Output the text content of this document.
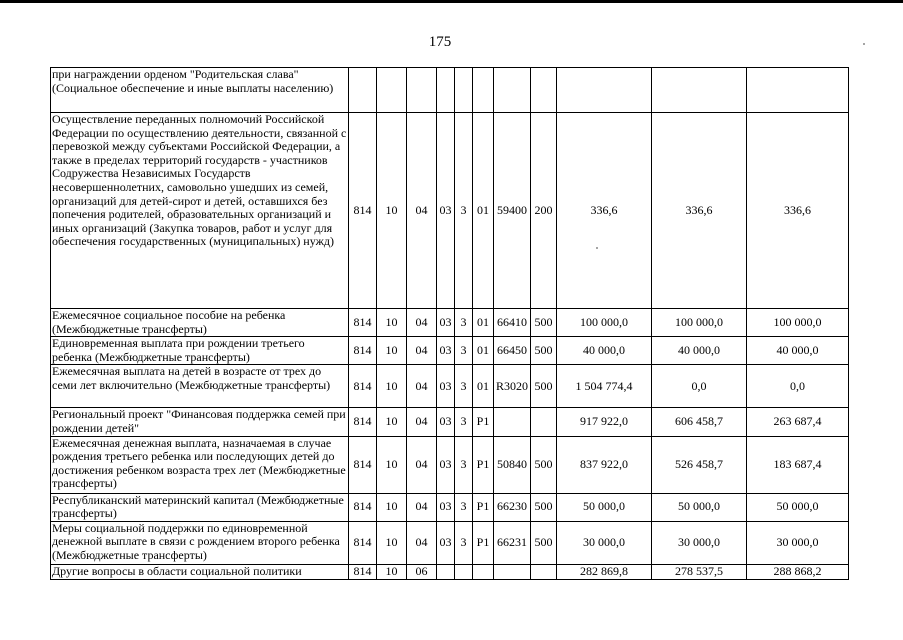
175
при награждении орденом "Родительская слава" (Социальное обеспечение и иные выплаты населению)											
Осуществление переданных полномочий Российской Федерации по осуществлению деятельности, связанной с перевозкой между субъектами Российской Федерации, а также в пределах территорий государств - участников Содружества Независимых Государств несовершеннолетних, самовольно ушедших из семей, организаций для детей-сирот и детей, оставшихся без попечения родителей, образовательных организаций и иных организаций (Закупка товаров, работ и услуг для обеспечения государственных (муниципальных) нужд)	814	10	04	03	3	01	59400	200	336,6	336,6	336,6
Ежемесячное социальное пособие на ребенка (Межбюджетные трансферты)	814	10	04	03	3	01	66410	500	100 000,0	100 000,0	100 000,0
Единовременная выплата при рождении третьего ребенка (Межбюджетные трансферты)	814	10	04	03	3	01	66450	500	40 000,0	40 000,0	40 000,0
Ежемесячная выплата на детей в возрасте от трех до семи лет включительно (Межбюджетные трансферты)	814	10	04	03	3	01	R3020	500	1 504 774,4	0,0	0,0
Региональный проект "Финансовая поддержка семей при рождении детей"	814	10	04	03	3	P1			917 922,0	606 458,7	263 687,4
Ежемесячная денежная выплата, назначаемая в случае рождения третьего ребенка или последующих детей до достижения ребенком возраста трех лет (Межбюджетные трансферты)	814	10	04	03	3	P1	50840	500	837 922,0	526 458,7	183 687,4
Республиканский материнский капитал (Межбюджетные трансферты)	814	10	04	03	3	P1	66230	500	50 000,0	50 000,0	50 000,0
Меры социальной поддержки по единовременной денежной выплате в связи с рождением второго ребенка (Межбюджетные трансферты)	814	10	04	03	3	P1	66231	500	30 000,0	30 000,0	30 000,0
Другие вопросы в области социальной политики	814	10	06						282 869,8	278 537,5	288 868,2
